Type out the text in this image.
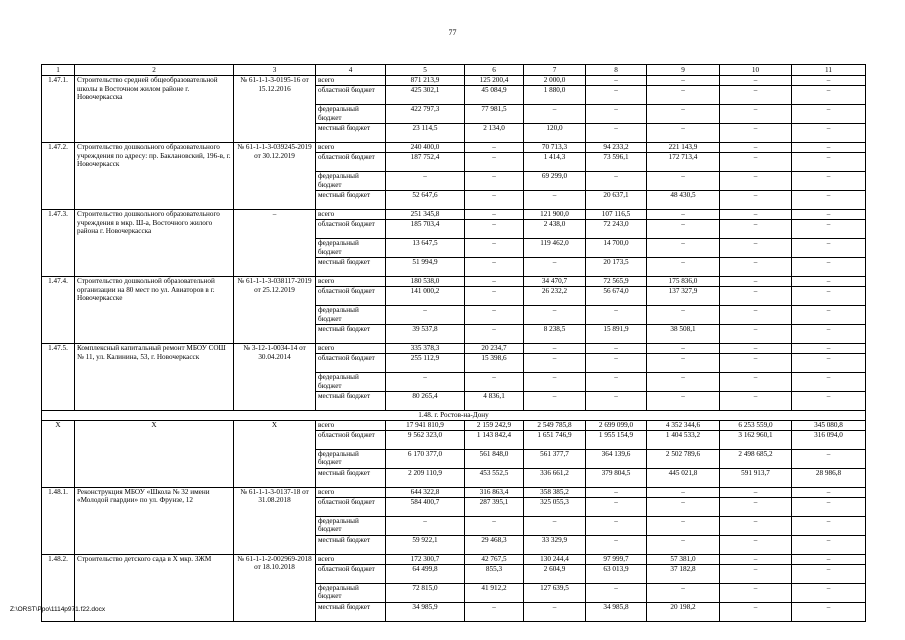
77
1	2	3	4	5	6	7	8	9	10	11
1.47.1.	Строительство средней общеобразовательной школы в Восточном жилом районе г. Новочеркасска	№ 61-1-1-3-0195-16 от 15.12.2016	всего	871 213,9	125 200,4	2 000,0	–	–	–	–
			областной бюджет	425 302,1	45 084,9	1 880,0	–	–	–	–
			федеральный бюджет	422 797,3	77 981,5	–	–	–	–	–
			местный бюджет	23 114,5	2 134,0	120,0	–	–	–	–
1.47.2.	Строительство дошкольного образовательного учреждения по адресу: пр. Баклановский, 196-в, г. Новочеркасск	№ 61-1-1-3-039245-2019 от 30.12.2019	всего	240 400,0	–	70 713,3	94 233,2	221 143,9	–	–
			областной бюджет	187 752,4	–	1 414,3	73 596,1	172 713,4	–	–
			федеральный бюджет	–	–	69 299,0	–	–	–	–
			местный бюджет	52 647,6	–	–	20 637,1	48 430,5	–	–
1.47.3.	Строительство дошкольного образовательного учреждения в мкр. Ш-а, Восточного жилого района г. Новочеркасска	–	всего	251 345,8	–	121 900,0	107 116,5	–	–	–
			областной бюджет	185 703,4	–	2 438,0	72 243,0	–	–	–
			федеральный бюджет	13 647,5	–	119 462,0	14 700,0	–	–	–
			местный бюджет	51 994,9	–	–	20 173,5	–	–	–
1.47.4.	Строительство дошкольной образовательной организации на 80 мест по ул. Авиаторов в г. Новочеркасске	№ 61-1-1-3-038117-2019 от 25.12.2019	всего	180 538,0	–	34 470,7	72 565,9	175 836,0	–	–
			областной бюджет	141 000,2	–	26 232,2	56 674,0	137 327,9	–	–
			федеральный бюджет	–	–	–	–	–	–	–
			местный бюджет	39 537,8	–	8 238,5	15 891,9	38 508,1	–	–
1.47.5.	Комплексный капитальный ремонт МБОУ СОШ № 11, ул. Калинина, 53, г. Новочеркасск	№ 3-12-1-0034-14 от 30.04.2014	всего	335 378,3	20 234,7	–	–	–	–	–
			областной бюджет	255 112,9	15 398,6	–	–	–	–	–
			федеральный бюджет	–	–	–	–	–	–	–
			местный бюджет	80 265,4	4 836,1	–	–	–	–	–
1.48. г. Ростов-на-Дону										
Х	Х	Х	всего	17 941 810,9	2 159 242,9	2 549 785,8	2 699 099,0	4 352 344,6	6 253 559,0	345 080,8
			областной бюджет	9 562 323,0	1 143 842,4	1 651 746,9	1 955 154,9	1 404 533,2	3 162 960,1	316 094,0
			федеральный бюджет	6 170 377,0	561 848,0	561 377,7	364 139,6	2 502 789,6	2 498 685,2	–
			местный бюджет	2 209 110,9	453 552,5	336 661,2	379 804,5	445 021,8	591 913,7	28 986,8
1.48.1.	Реконструкция МБОУ «Школа № 32 имени «Молодой гвардии» по ул. Фрунзе, 12	№ 61-1-1-3-0137-18 от 31.08.2018	всего	644 322,8	316 863,4	358 385,2	–	–	–	–
			областной бюджет	584 400,7	287 395,1	325 055,3	–	–	–	–
			федеральный бюджет	–	–	–	–	–	–	–
			местный бюджет	59 922,1	29 468,3	33 329,9	–	–	–	–
1.48.2.	Строительство детского сада в Х мкр. ЗЖМ	№ 61-1-1-2-002969-2018 от 18.10.2018	всего	172 300,7	42 767,5	130 244,4	97 999,7	57 381,0	–	–
			областной бюджет	64 499,8	855,3	2 604,9	63 013,9	37 182,8	–	–
			федеральный бюджет	72 815,0	41 912,2	127 639,5	–	–	–	–
			местный бюджет	34 985,9	–	–	34 985,8	20 198,2	–	–
Z:\ORST\Ppo\1114p971.f22.docx
